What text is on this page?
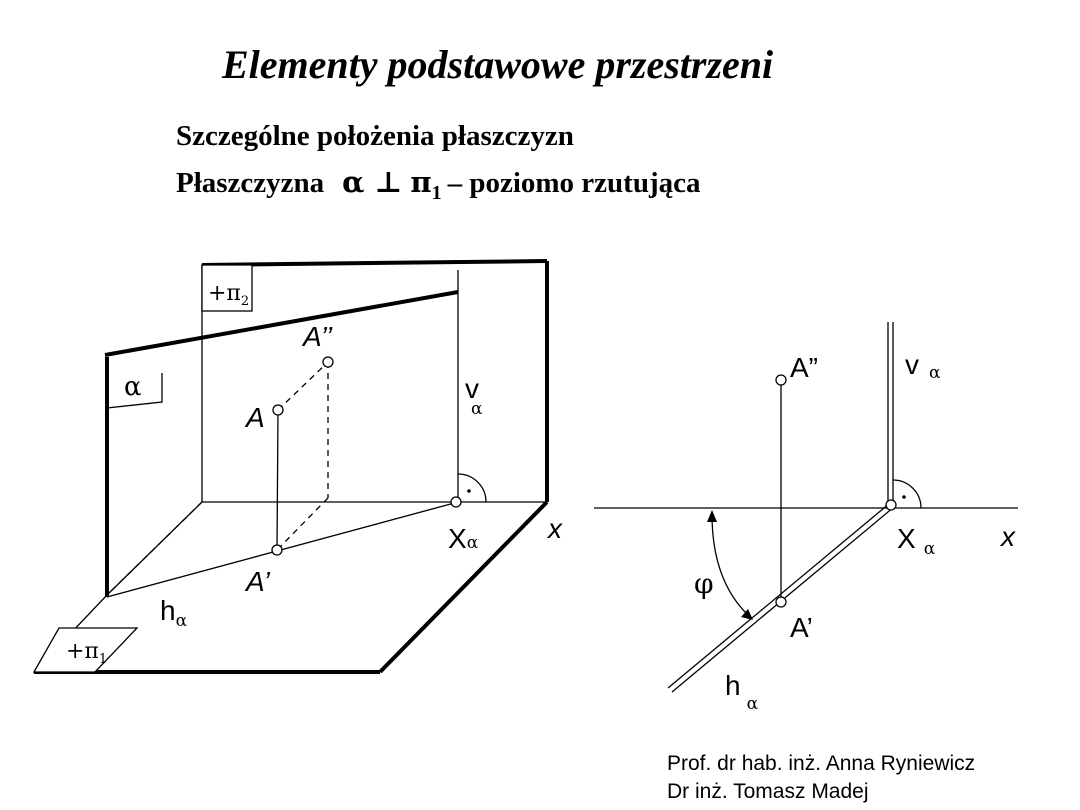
Elementy podstawowe przestrzeni
Szczególne położenia płaszczyzn
Płaszczyzna α ⊥ $\pi_1$ – poziomo rzutująca
$+\pi_2$
$+\pi_1$
α
A
A’’
A’
v α
$h_\alpha$
Xα x
A”
A’
vα
$h_\alpha$
X $_\alpha$ x
φ
Prof. dr hab. inż. Anna Ryniewicz
Dr inż. Tomasz Madej
